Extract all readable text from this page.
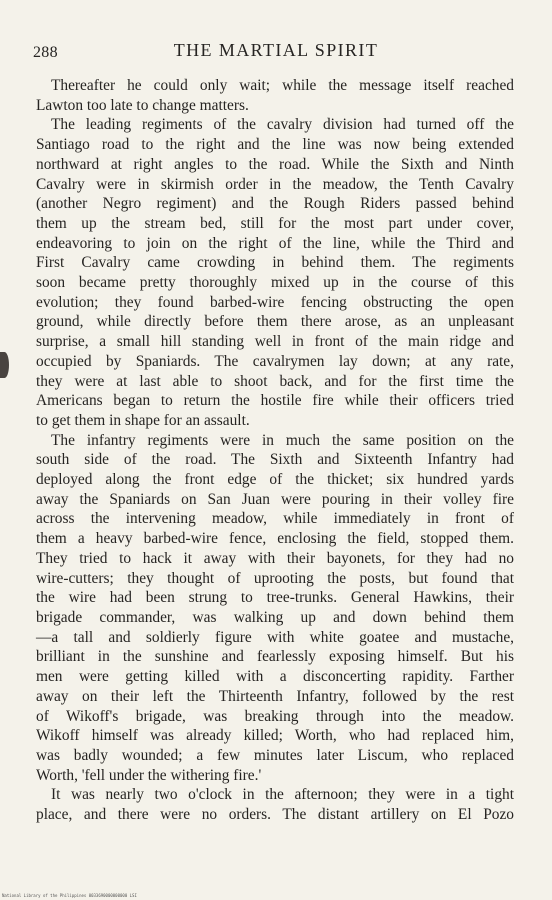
288	THE MARTIAL SPIRIT

Thereafter he could only wait; while the message itself reached
Lawton too late to change matters.

The leading regiments of the cavalry division had turned off the
Santiago road to the right and the line was now being extended
northward at right angles to the road. While the Sixth and Ninth
Cavalry were in skirmish order in the meadow, the Tenth Cavalry
(another Negro regiment) and the Rough Riders passed behind
them up the stream bed, still for the most part under cover,
endeavoring to join on the right of the line, while the Third and
First Cavalry came crowding in behind them. The regiments
soon became pretty thoroughly mixed up in the course of this
evolution; they found barbed-wire fencing obstructing the open
ground, while directly before them there arose, as an unpleasant
surprise, a small hill standing well in front of the main ridge and
occupied by Spaniards. The cavalrymen lay down; at any rate,
they were at last able to shoot back, and for the first time the
Americans began to return the hostile fire while their officers tried
to get them in shape for an assault.

The infantry regiments were in much the same position on the
south side of the road. The Sixth and Sixteenth Infantry had
deployed along the front edge of the thicket; six hundred yards
away the Spaniards on San Juan were pouring in their volley fire
across the intervening meadow, while immediately in front of
them a heavy barbed-wire fence, enclosing the field, stopped them.
They tried to hack it away with their bayonets, for they had no
wire-cutters; they thought of uprooting the posts, but found that
the wire had been strung to tree-trunks. General Hawkins, their
brigade commander, was walking up and down behind them
—a tall and soldierly figure with white goatee and mustache,
brilliant in the sunshine and fearlessly exposing himself. But his
men were getting killed with a disconcerting rapidity. Farther
away on their left the Thirteenth Infantry, followed by the rest
of Wikoff's brigade, was breaking through into the meadow.
Wikoff himself was already killed; Worth, who had replaced him,
was badly wounded; a few minutes later Liscum, who replaced
Worth, 'fell under the withering fire.'

It was nearly two o'clock in the afternoon; they were in a tight
place, and there were no orders. The distant artillery on El Pozo

National Library of the Philippines 0033690000000000 LSI
